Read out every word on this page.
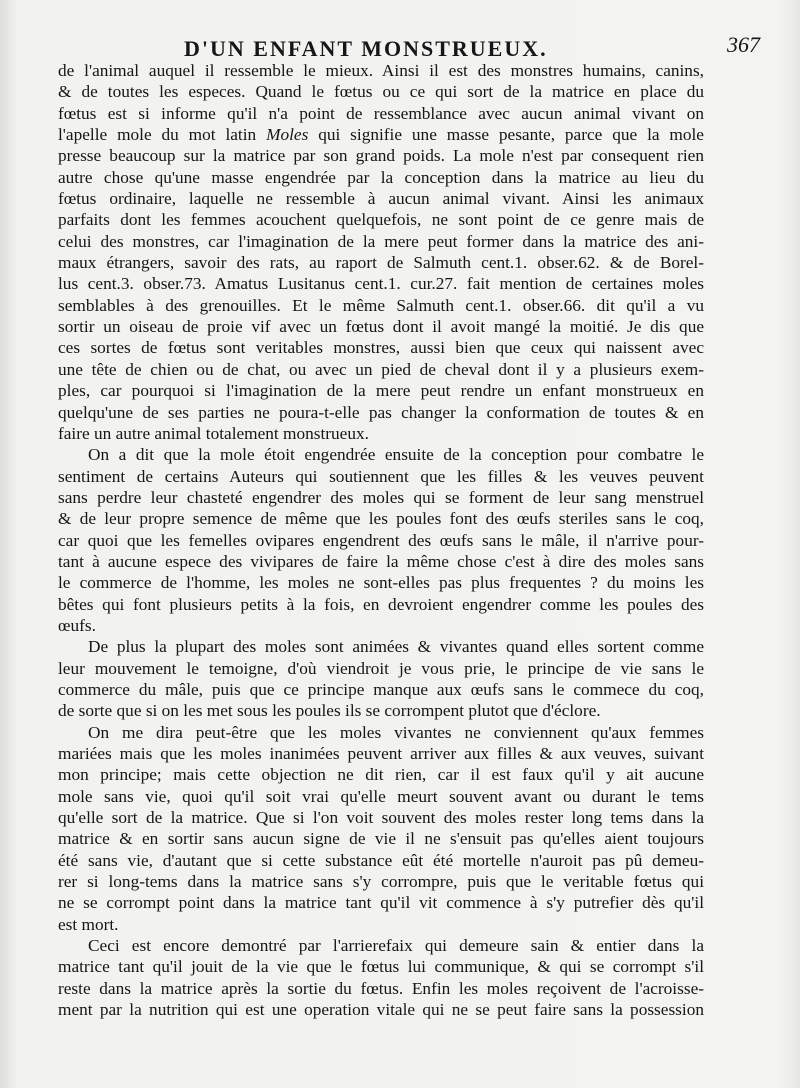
D'UN ENFANT MONSTRUEUX.	367
de l'animal auquel il ressemble le mieux. Ainsi il est des monstres humains, canins,
& de toutes les especes. Quand le fœtus ou ce qui sort de la matrice en place du
fœtus est si informe qu'il n'a point de ressemblance avec aucun animal vivant on
l'apelle mole du mot latin Moles qui signifie une masse pesante, parce que la mole
presse beaucoup sur la matrice par son grand poids. La mole n'est par consequent rien
autre chose qu'une masse engendrée par la conception dans la matrice au lieu du
fœtus ordinaire, laquelle ne ressemble à aucun animal vivant. Ainsi les animaux
parfaits dont les femmes acouchent quelquefois, ne sont point de ce genre mais de
celui des monstres, car l'imagination de la mere peut former dans la matrice des ani-
maux étrangers, savoir des rats, au raport de Salmuth cent.1. obser.62. & de Borel-
lus cent.3. obser.73. Amatus Lusitanus cent.1. cur.27. fait mention de certaines moles
semblables à des grenouilles. Et le même Salmuth cent.1. obser.66. dit qu'il a vu
sortir un oiseau de proie vif avec un fœtus dont il avoit mangé la moitié. Je dis que
ces sortes de fœtus sont veritables monstres, aussi bien que ceux qui naissent avec
une tête de chien ou de chat, ou avec un pied de cheval dont il y a plusieurs exem-
ples, car pourquoi si l'imagination de la mere peut rendre un enfant monstrueux en
quelqu'une de ses parties ne poura-t-elle pas changer la conformation de toutes & en
faire un autre animal totalement monstrueux.
On a dit que la mole étoit engendrée ensuite de la conception pour combatre le
sentiment de certains Auteurs qui soutiennent que les filles & les veuves peuvent
sans perdre leur chasteté engendrer des moles qui se forment de leur sang menstruel
& de leur propre semence de même que les poules font des œufs steriles sans le coq,
car quoi que les femelles ovipares engendrent des œufs sans le mâle, il n'arrive pour-
tant à aucune espece des vivipares de faire la même chose c'est à dire des moles sans
le commerce de l'homme, les moles ne sont-elles pas plus frequentes ? du moins les
bêtes qui font plusieurs petits à la fois, en devroient engendrer comme les poules des
œufs.
De plus la plupart des moles sont animées & vivantes quand elles sortent comme
leur mouvement le temoigne, d'où viendroit je vous prie, le principe de vie sans le
commerce du mâle, puis que ce principe manque aux œufs sans le commece du coq,
de sorte que si on les met sous les poules ils se corrompent plutot que d'éclore.
On me dira peut-être que les moles vivantes ne conviennent qu'aux femmes
mariées mais que les moles inanimées peuvent arriver aux filles & aux veuves, suivant
mon principe; mais cette objection ne dit rien, car il est faux qu'il y ait aucune
mole sans vie, quoi qu'il soit vrai qu'elle meurt souvent avant ou durant le tems
qu'elle sort de la matrice. Que si l'on voit souvent des moles rester long tems dans la
matrice & en sortir sans aucun signe de vie il ne s'ensuit pas qu'elles aient toujours
été sans vie, d'autant que si cette substance eût été mortelle n'auroit pas pû demeu-
rer si long-tems dans la matrice sans s'y corrompre, puis que le veritable fœtus qui
ne se corrompt point dans la matrice tant qu'il vit commence à s'y putrefier dès qu'il
est mort.
Ceci est encore demontré par l'arrierefaix qui demeure sain & entier dans la
matrice tant qu'il jouit de la vie que le fœtus lui communique, & qui se corrompt s'il
reste dans la matrice après la sortie du fœtus. Enfin les moles reçoivent de l'acroisse-
ment par la nutrition qui est une operation vitale qui ne se peut faire sans la possession
